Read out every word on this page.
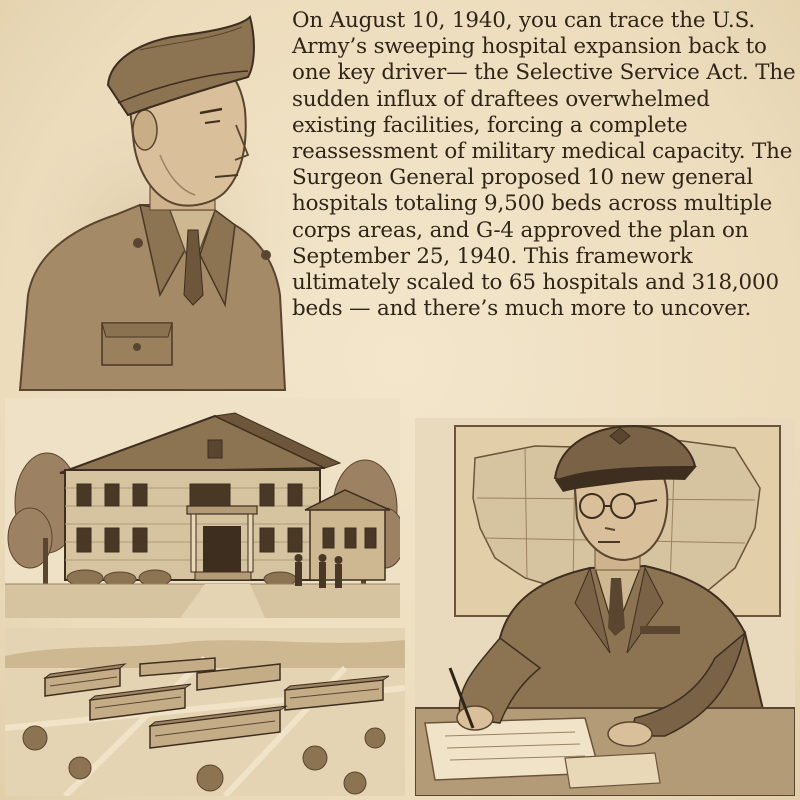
On August 10, 1940, you can trace the U.S. Army’s sweeping hospital expansion back to one key driver— the Selective Service Act. The sudden influx of draftees overwhelmed existing facilities, forcing a complete reassessment of military medical capacity. The Surgeon General proposed 10 new general hospitals totaling 9,500 beds across multiple corps areas, and G-4 approved the plan on September 25, 1940. This framework ultimately scaled to 65 hospitals and 318,000 beds — and there’s much more to uncover.
